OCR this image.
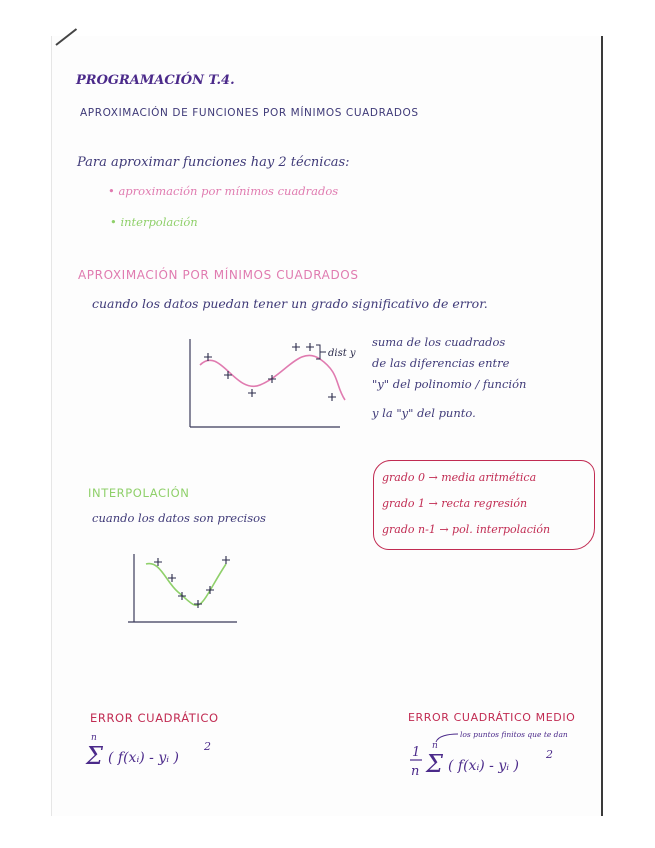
PROGRAMACIÓN T.4.
APROXIMACIÓN DE FUNCIONES POR MÍNIMOS CUADRADOS
Para aproximar funciones hay 2 técnicas:
• aproximación por mínimos cuadrados
• interpolación
APROXIMACIÓN POR MÍNIMOS CUADRADOS
cuando los datos puedan tener un grado significativo de error.
dist y
suma de los cuadrados
de las diferencias entre
"y" del polinomio / función
y la "y" del punto.
grado 0 → media aritmética
grado 1 → recta regresión
grado n-1 → pol. interpolación
INTERPOLACIÓN
cuando los datos son precisos
ERROR CUADRÁTICO	ERROR CUADRÁTICO MEDIO
n
Σ ( f(xᵢ) - yᵢ )
2	1
n
n
Σ ( f(xᵢ) - yᵢ )
2
los puntos finitos que te dan
